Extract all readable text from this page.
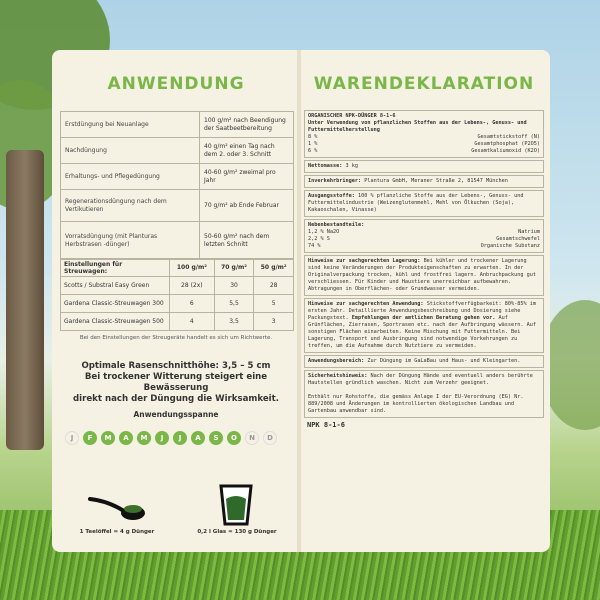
ANWENDUNG
Erstdüngung bei Neuanlage	100 g/m² nach Beendigung der Saatbeetbereitung
Nachdüngung	40 g/m² einen Tag nach dem 2. oder 3. Schnitt
Erhaltungs- und Pflegedüngung	40-60 g/m² zweimal pro Jahr
Regenerationsdüngung nach dem Vertikutieren	70 g/m² ab Ende Februar
Vorratsdüngung (mit Planturas Herbstrasen -dünger)	50-60 g/m² nach dem letzten Schnitt
Einstellungen für Streuwagen:	100 g/m²	70 g/m²	50 g/m²
Scotts / Substral Easy Green	28 (2x)	30	28
Gardena Classic-Streuwagen 300	6	5,5	5
Gardena Classic-Streuwagen 500	4	3,5	3
Bei den Einstellungen der Streugeräte handelt es sich um Richtwerte.
Optimale Rasenschnitthöhe: 3,5 – 5 cm
Bei trockener Witterung steigert eine Bewässerung
direkt nach der Düngung die Wirksamkeit.
Anwendungsspanne
J	F	M	A	M	J	J	A	S	O	N	D
1 Teelöffel = 4 g Dünger	0,2 l Glas = 130 g Dünger
WARENDEKLARATION
ORGANISCHER NPK-DÜNGER 8-1-6
Unter Verwendung von pflanzlichen Stoffen aus der Lebens-, Genuss- und Futtermittelherstellung
8 %	Gesamtstickstoff (N)
1 %	Gesamtphosphat (P2O5)
6 %	Gesamtkaliumoxid (K2O)
Nettomasse: 3 kg
Inverkehrbringer: Plantura GmbH, Meraner Straße 2, 81547 München
Ausgangsstoffe: 100 % pflanzliche Stoffe aus der Lebens-, Genuss- und Futtermittelindustrie (Weizenglutenmehl, Mehl von Ölkuchen (Soja), Kakaoschalen, Vinasse)
Nebenbestandteile:
1,2 % Na2O	Natrium
2,2 % S	Gesamtschwefel
74 %	Organische Substanz
Hinweise zur sachgerechten Lagerung: Bei kühler und trockener Lagerung sind keine Veränderungen der Produkteigenschaften zu erwarten. In der Originalverpackung trocken, kühl und frostfrei lagern. Anbruchpackung gut verschliessen. Für Kinder und Haustiere unerreichbar aufbewahren. Abtragungen in Oberflächen- oder Grundwasser vermeiden.
Hinweise zur sachgerechten Anwendung: Stickstoffverfügbarkeit: 80%-85% im ersten Jahr. Detaillierte Anwendungsbeschreibung und Dosierung siehe Packungstext. Empfehlungen der amtlichen Beratung gehen vor. Auf Grünflächen, Zierrasen, Sportrasen etc. nach der Aufbringung wässern. Auf sonstigen Flächen einarbeiten. Keine Mischung mit Futtermitteln. Bei Lagerung, Transport und Ausbringung sind notwendige Vorkehrungen zu treffen, um die Aufnahme durch Nutztiere zu vermeiden.
Anwendungsbereich: Zur Düngung im GaLaBau und Haus- und Kleingarten.
Sicherheitshinweis: Nach der Düngung Hände und eventuell anders berührte Hautstellen gründlich waschen. Nicht zum Verzehr geeignet.

Enthält nur Rohstoffe, die gemäss Anlage I der EU-Verordnung (EG) Nr. 889/2008 und Änderungen im kontrollierten ökologischen Landbau und Gartenbau anwendbar sind.
NPK 8-1-6
